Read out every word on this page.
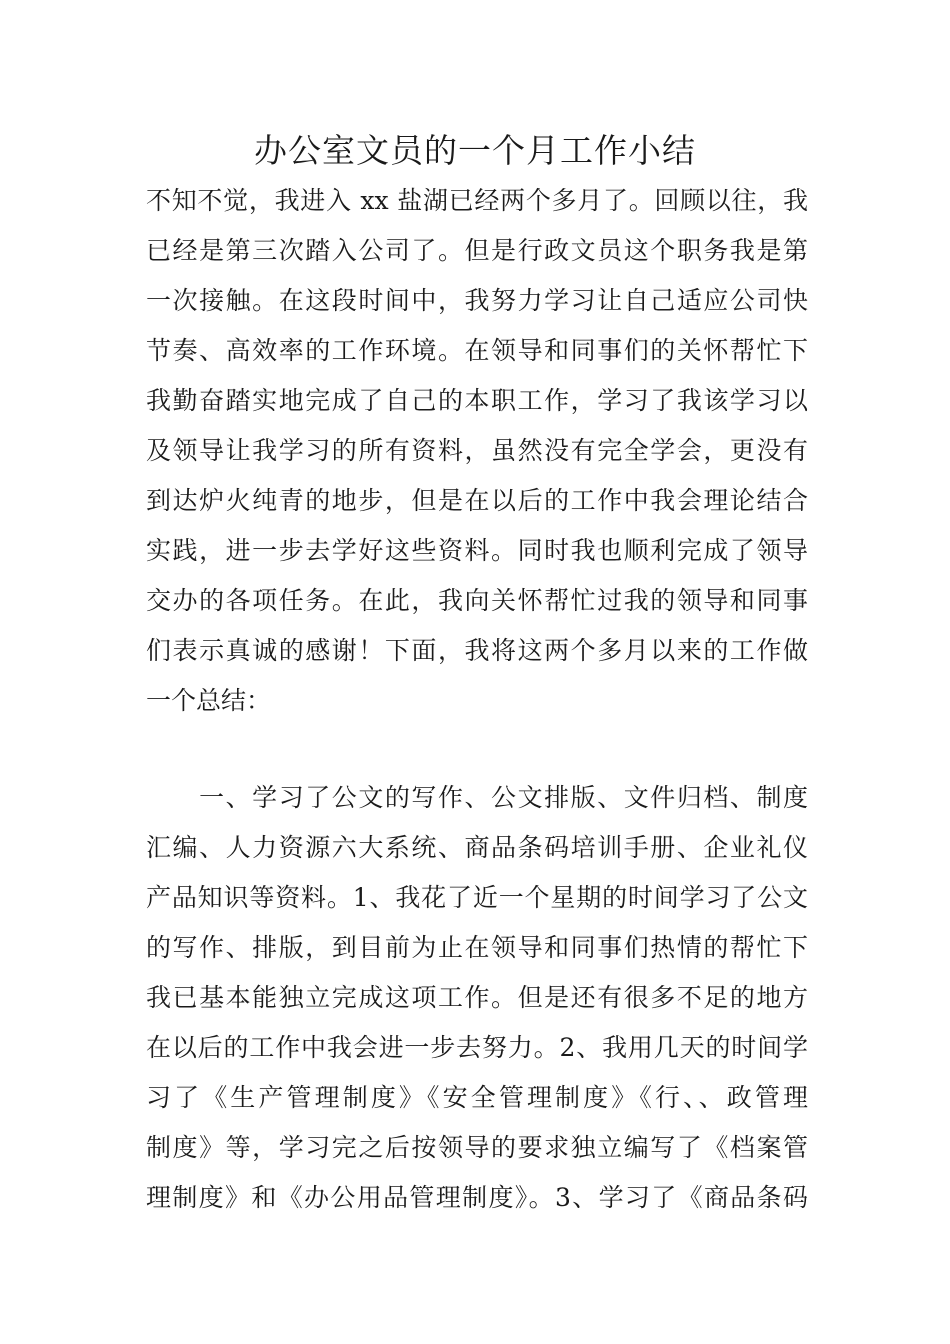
办公室文员的一个月工作小结
不知不觉，我进入 xx 盐湖已经两个多月了。回顾以往，我
已经是第三次踏入公司了。但是行政文员这个职务我是第
一次接触。在这段时间中，我努力学习让自己适应公司快
节奏、高效率的工作环境。在领导和同事们的关怀帮忙下
我勤奋踏实地完成了自己的本职工作，学习了我该学习以
及领导让我学习的所有资料，虽然没有完全学会，更没有
到达炉火纯青的地步，但是在以后的工作中我会理论结合
实践，进一步去学好这些资料。同时我也顺利完成了领导
交办的各项任务。在此，我向关怀帮忙过我的领导和同事
们表示真诚的感谢！下面，我将这两个多月以来的工作做
一个总结：
　　一、学习了公文的写作、公文排版、文件归档、制度
汇编、人力资源六大系统、商品条码培训手册、企业礼仪
产品知识等资料。1、我花了近一个星期的时间学习了公文
的写作、排版，到目前为止在领导和同事们热情的帮忙下
我已基本能独立完成这项工作。但是还有很多不足的地方
在以后的工作中我会进一步去努力。2、我用几天的时间学
习了《生产管理制度》《安全管理制度》《行、、政管理
制度》等，学习完之后按领导的要求独立编写了《档案管
理制度》和《办公用品管理制度》。3、学习了《商品条码
